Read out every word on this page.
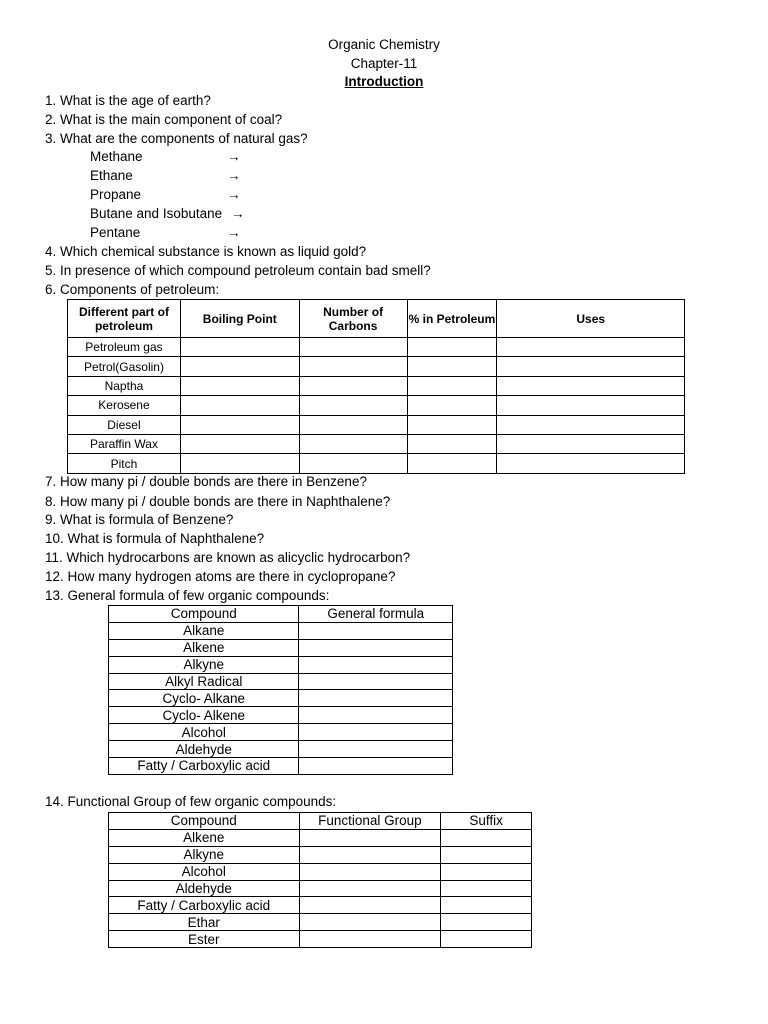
Organic Chemistry
Chapter-11
Introduction
1. What is the age of earth?
2. What is the main component of coal?
3. What are the components of natural gas?
Methane	→
Ethane	→
Propane	→
Butane and Isobutane →
Pentane	→
4. Which chemical substance is known as liquid gold?
5. In presence of which compound petroleum contain bad smell?
6. Components of petroleum:
Different part of petroleum	Boiling Point	Number of Carbons	% in Petroleum	Uses
Petroleum gas				
Petrol(Gasolin)				
Naptha				
Kerosene				
Diesel				
Paraffin Wax				
Pitch				
7. How many pi / double bonds are there in Benzene?
8. How many pi / double bonds are there in Naphthalene?
9. What is formula of Benzene?
10. What is formula of Naphthalene?
11. Which hydrocarbons are known as alicyclic hydrocarbon?
12. How many hydrogen atoms are there in cyclopropane?
13. General formula of few organic compounds:
Compound	General formula
Alkane	
Alkene	
Alkyne	
Alkyl Radical	
Cyclo- Alkane	
Cyclo- Alkene	
Alcohol	
Aldehyde	
Fatty / Carboxylic acid	
14. Functional Group of few organic compounds:
Compound	Functional Group	Suffix
Alkene		
Alkyne		
Alcohol		
Aldehyde		
Fatty / Carboxylic acid		
Ethar		
Ester		
